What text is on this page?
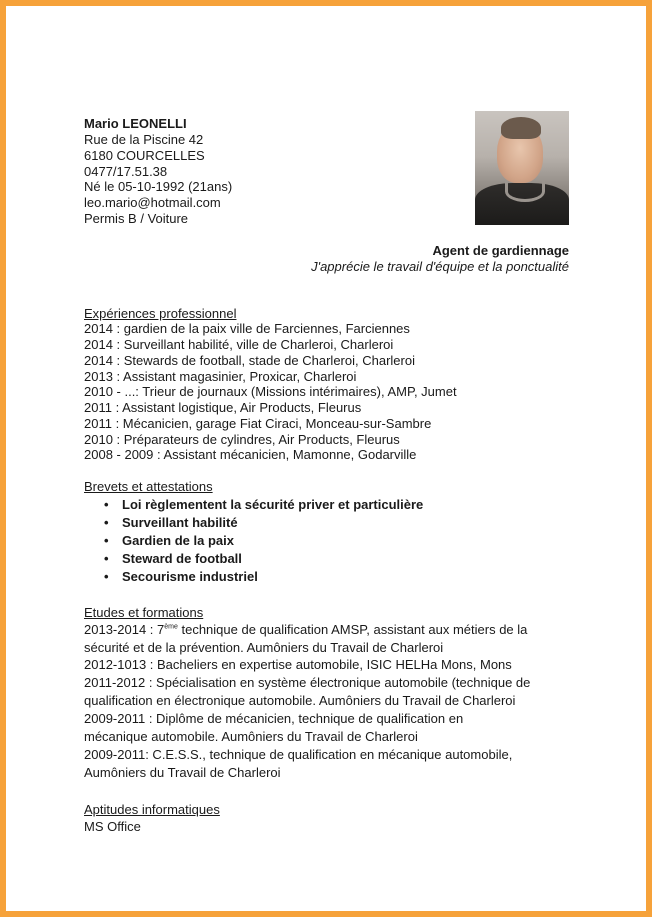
Mario LEONELLI
Rue de la Piscine 42
6180 COURCELLES
0477/17.51.38
Né le 05-10-1992 (21ans)
leo.mario@hotmail.com
Permis B / Voiture
Agent de gardiennage
J'apprécie le travail d'équipe et la ponctualité
Expériences professionnel
2014 : gardien de la paix ville de Farciennes, Farciennes
2014 : Surveillant habilité, ville de Charleroi, Charleroi
2014 : Stewards de football, stade de Charleroi, Charleroi
2013 : Assistant magasinier, Proxicar, Charleroi
2010 - ...: Trieur de journaux (Missions intérimaires), AMP, Jumet
2011 : Assistant logistique, Air Products, Fleurus
2011 : Mécanicien, garage Fiat Ciraci, Monceau-sur-Sambre
2010 : Préparateurs de cylindres, Air Products, Fleurus
2008 - 2009 : Assistant mécanicien, Mamonne, Godarville
Brevets et attestations
• Loi règlementent la sécurité priver et particulière
• Surveillant habilité
• Gardien de la paix
• Steward de football
• Secourisme industriel
Etudes et formations
2013-2014 : 7ème technique de qualification AMSP, assistant aux métiers de la
sécurité et de la prévention. Aumôniers du Travail de Charleroi
2012-1013 : Bacheliers en expertise automobile, ISIC HELHa Mons, Mons
2011-2012 : Spécialisation en système électronique automobile (technique de
qualification en électronique automobile. Aumôniers du Travail de Charleroi
2009-2011 : Diplôme de mécanicien, technique de qualification en
mécanique automobile. Aumôniers du Travail de Charleroi
2009-2011: C.E.S.S., technique de qualification en mécanique automobile,
Aumôniers du Travail de Charleroi
Aptitudes informatiques
MS Office
